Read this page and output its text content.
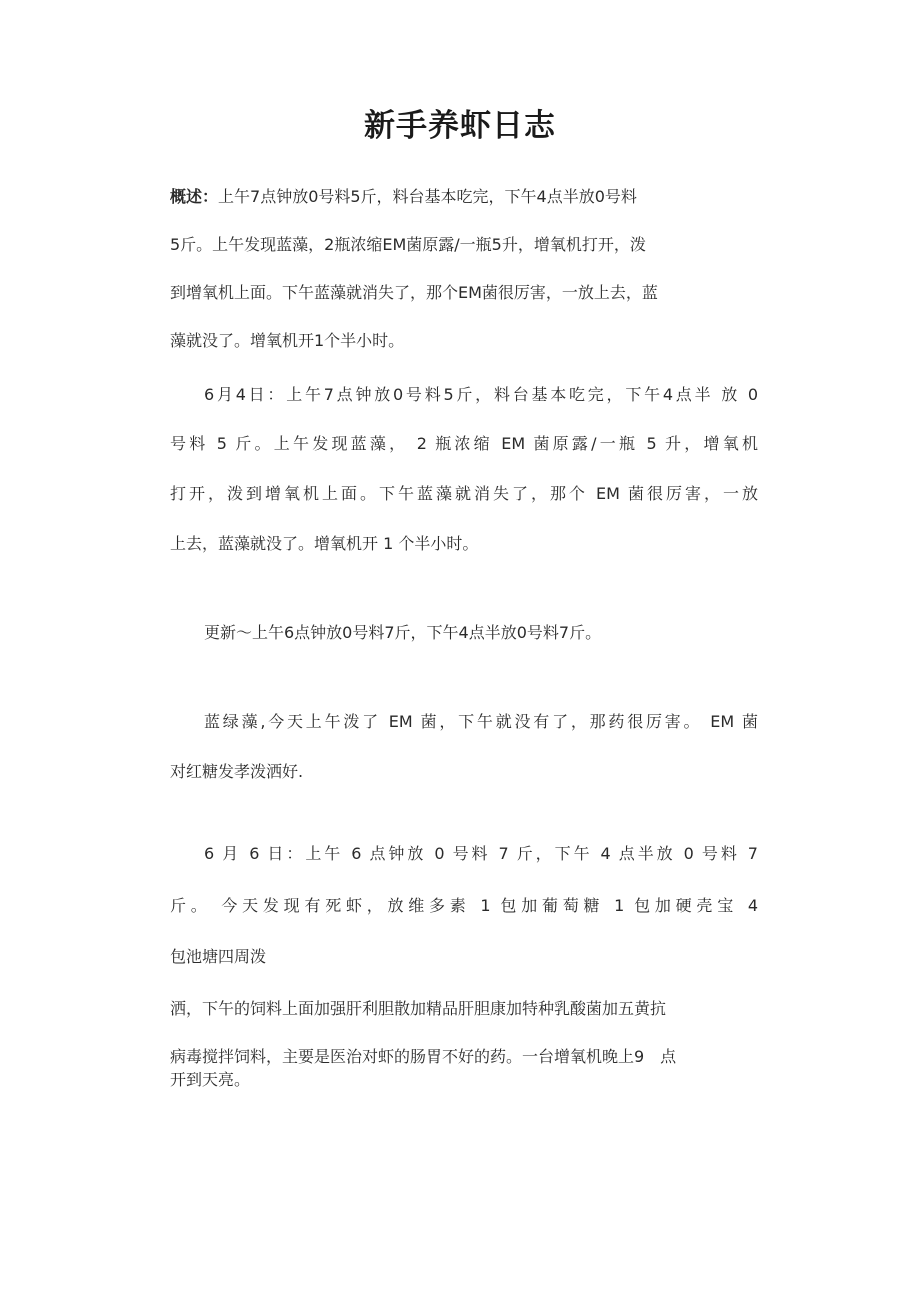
新手养虾日志
概述：上午7点钟放0号料5斤，料台基本吃完，下午4点半放0号料
5斤。上午发现蓝藻，2瓶浓缩EM菌原露/一瓶5升，增氧机打开，泼
到增氧机上面。下午蓝藻就消失了，那个EM菌很厉害，一放上去，蓝
藻就没了。增氧机开1个半小时。
6月4日：上午7点钟放0号料5斤，料台基本吃完，下午4点半 放 0
号料 5 斤。上午发现蓝藻， 2 瓶浓缩 EM 菌原露/一瓶 5 升，增氧机
打开，泼到增氧机上面。下午蓝藻就消失了，那个 EM 菌很厉害，一放
上去，蓝藻就没了。增氧机开 1 个半小时。
更新～上午6点钟放0号料7斤，下午4点半放0号料7斤。
蓝绿藻,今天上午泼了 EM 菌，下午就没有了，那药很厉害。 EM 菌
对红糖发孝泼洒好.
6 月 6 日：上午 6 点钟放 0 号料 7 斤，下午 4 点半放 0 号料 7
斤。 今天发现有死虾，放维多素 1 包加葡萄糖 1 包加硬壳宝 4
包池塘四周泼
洒，下午的饲料上面加强肝利胆散加精品肝胆康加特种乳酸菌加五黄抗
病毒搅拌饲料，主要是医治对虾的肠胃不好的药。一台增氧机晚上9　点
开到天亮。
